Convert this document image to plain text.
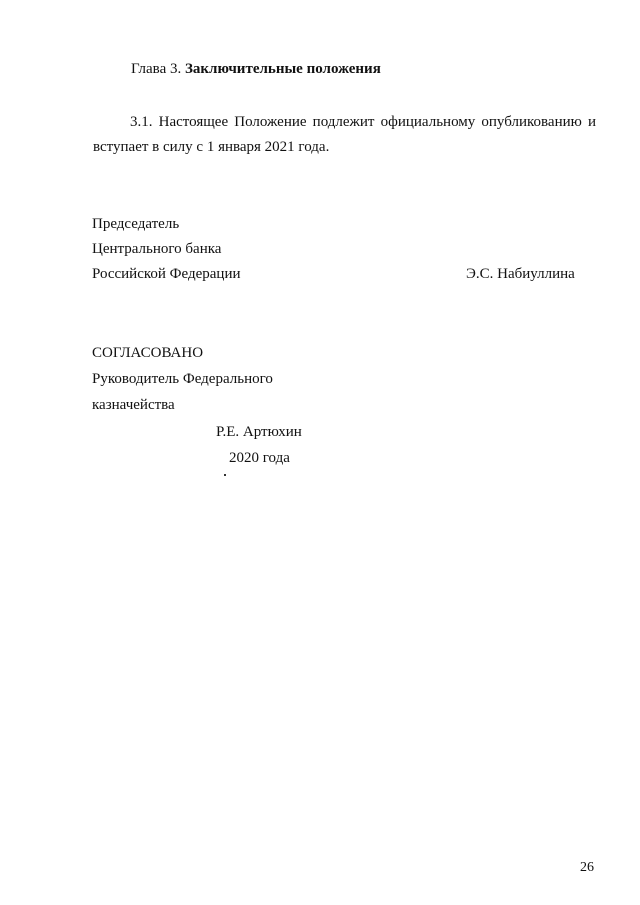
Глава 3. Заключительные положения
3.1. Настоящее Положение подлежит официальному опубликованию и
вступает в силу с 1 января 2021 года.
Председатель
Центрального банка
Российской Федерации	Э.С. Набиуллина
СОГЛАСОВАНО
Руководитель Федерального
казначейства
Р.Е. Артюхин
2020 года
26
